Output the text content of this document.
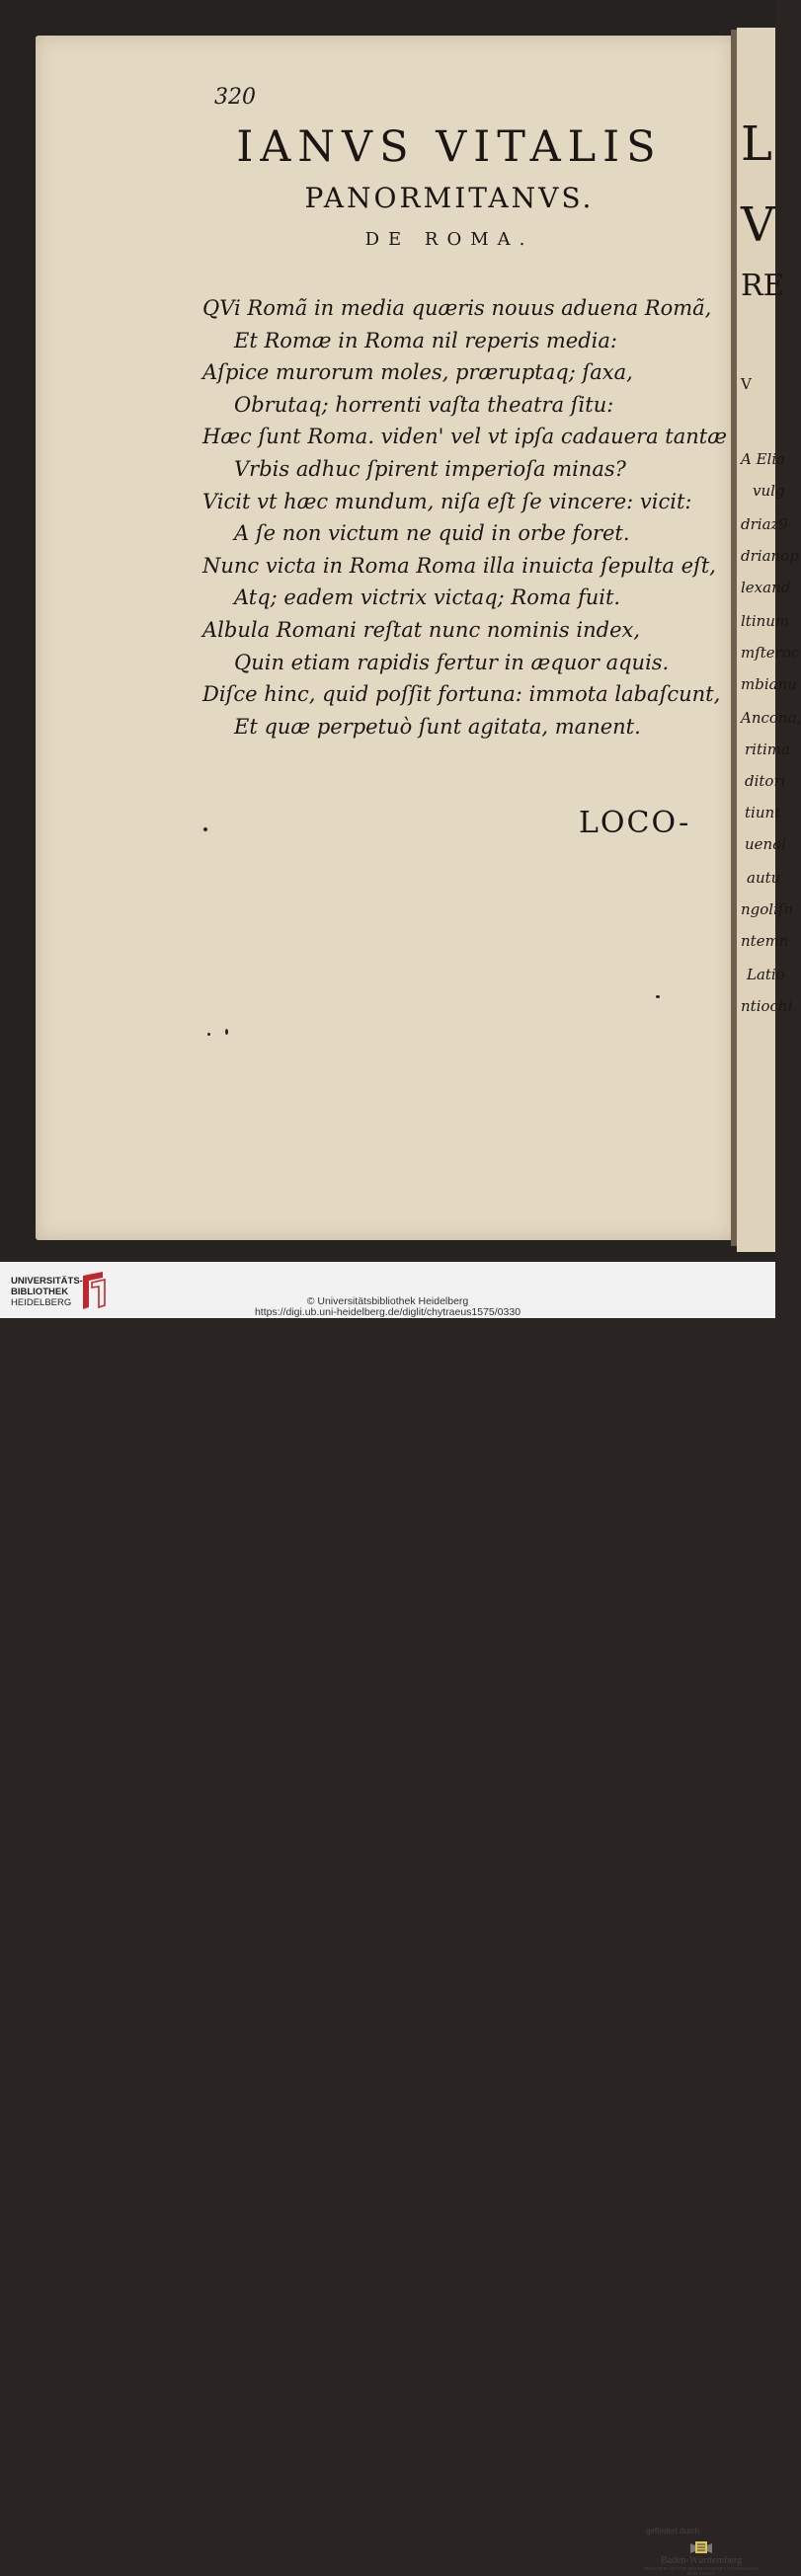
L
V
RE
V
A Elia
vulg
driaz9
drianop
lexand
ltinum
mſteroc
mbianu
Ancona,
ritima
ditori
tiunt
uenal
autu
ngoliſn
ntemn
Latio
ntiochi
320
IANVS VITALIS
PANORMITANVS.
DE ROMA.
QVi Romã in media quæris nouus aduena Romã,
Et Romæ in Roma nil reperis media:
Aſpice murorum moles, præruptaq; ſaxa,
Obrutaq; horrenti vaſta theatra ſitu:
Hæc ſunt Roma. viden' vel vt ipſa cadauera tantæ
Vrbis adhuc ſpirent imperioſa minas?
Vicit vt hæc mundum, niſa eſt ſe vincere: vicit:
A ſe non victum ne quid in orbe foret.
Nunc victa in Roma Roma illa inuicta ſepulta eſt,
Atq; eadem victrix victaq; Roma fuit.
Albula Romani reſtat nunc nominis index,
Quin etiam rapidis fertur in æquor aquis.
Diſce hinc, quid poſſit fortuna: immota labaſcunt,
Et quæ perpetuò ſunt agitata, manent.
LOCO-
UNIVERSITÄTS-
BIBLIOTHEK
HEIDELBERG
gefördert durch
Baden-Württemberg
MINISTERIUM FÜR WISSENSCHAFT, FORSCHUNG UND KUNST
© Universitätsbibliothek Heidelberg
https://digi.ub.uni-heidelberg.de/diglit/chytraeus1575/0330
